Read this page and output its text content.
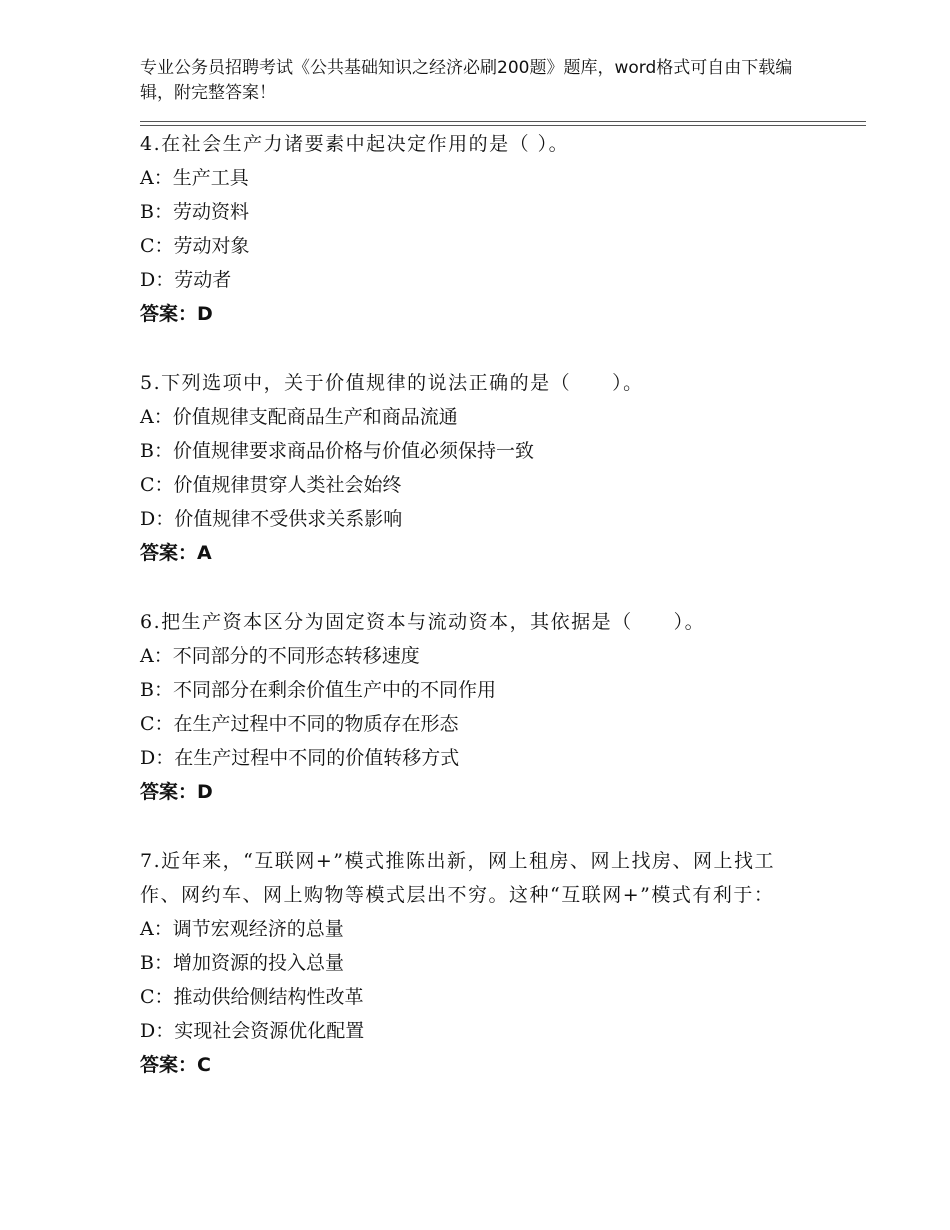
专业公务员招聘考试《公共基础知识之经济必刷200题》题库，word格式可自由下载编辑，附完整答案！
4.在社会生产力诸要素中起决定作用的是（ ）。
A：生产工具
B：劳动资料
C：劳动对象
D：劳动者
答案：D
5.下列选项中，关于价值规律的说法正确的是（　　）。
A：价值规律支配商品生产和商品流通
B：价值规律要求商品价格与价值必须保持一致
C：价值规律贯穿人类社会始终
D：价值规律不受供求关系影响
答案：A
6.把生产资本区分为固定资本与流动资本，其依据是（　　）。
A：不同部分的不同形态转移速度
B：不同部分在剩余价值生产中的不同作用
C：在生产过程中不同的物质存在形态
D：在生产过程中不同的价值转移方式
答案：D
7.近年来，“互联网+”模式推陈出新，网上租房、网上找房、网上找工作、网约车、网上购物等模式层出不穷。这种“互联网+”模式有利于：
A：调节宏观经济的总量
B：增加资源的投入总量
C：推动供给侧结构性改革
D：实现社会资源优化配置
答案：C
